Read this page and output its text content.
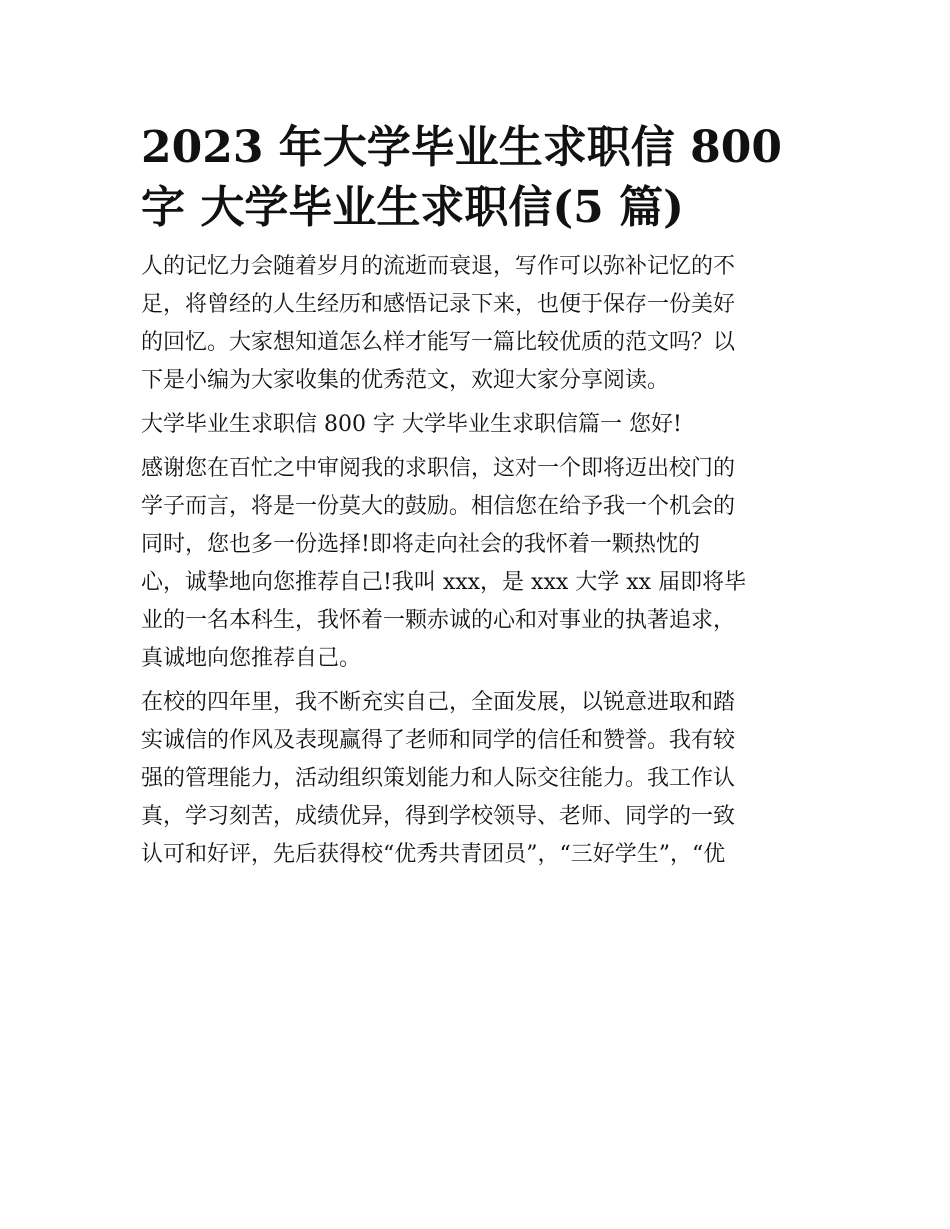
2023 年大学毕业生求职信 800
字 大学毕业生求职信(5 篇)
人的记忆力会随着岁月的流逝而衰退，写作可以弥补记忆的不
足，将曾经的人生经历和感悟记录下来，也便于保存一份美好
的回忆。大家想知道怎么样才能写一篇比较优质的范文吗？以
下是小编为大家收集的优秀范文，欢迎大家分享阅读。
大学毕业生求职信 800 字 大学毕业生求职信篇一 您好!
感谢您在百忙之中审阅我的求职信，这对一个即将迈出校门的
学子而言，将是一份莫大的鼓励。相信您在给予我一个机会的
同时，您也多一份选择!即将走向社会的我怀着一颗热忱的
心，诚挚地向您推荐自己!我叫 xxx，是 xxx 大学 xx 届即将毕
业的一名本科生，我怀着一颗赤诚的心和对事业的执著追求，
真诚地向您推荐自己。
在校的四年里，我不断充实自己，全面发展，以锐意进取和踏
实诚信的作风及表现赢得了老师和同学的信任和赞誉。我有较
强的管理能力，活动组织策划能力和人际交往能力。我工作认
真，学习刻苦，成绩优异，得到学校领导、老师、同学的一致
认可和好评，先后获得校“优秀共青团员”，“三好学生”，“优
